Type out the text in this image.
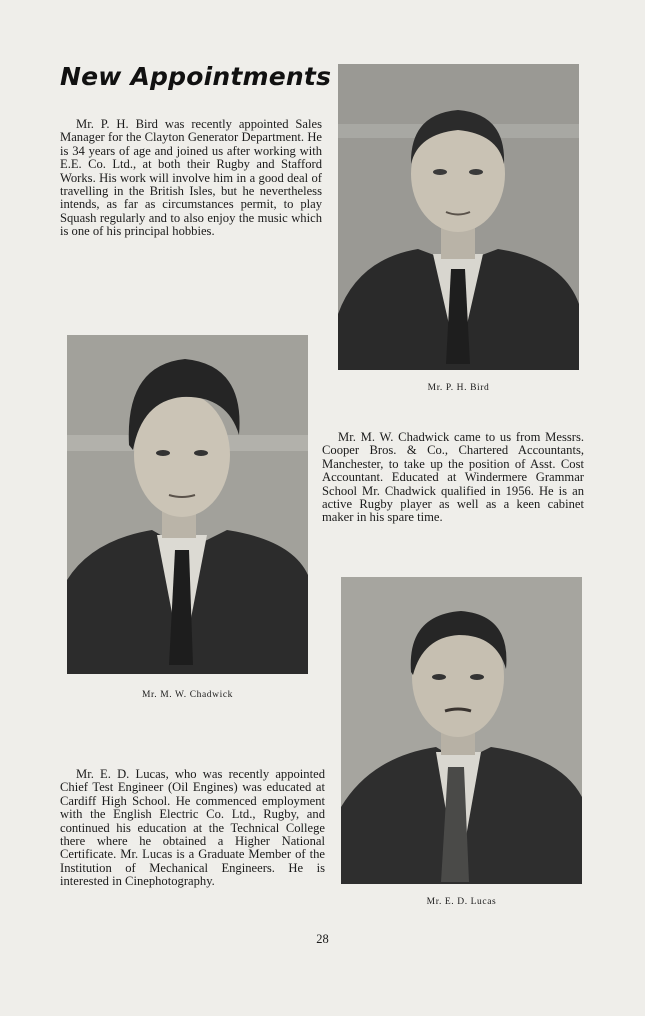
New Appointments

Mr. P. H. Bird was recently appointed Sales Manager for the Clayton Generator Department. He is 34 years of age and joined us after working with E.E. Co. Ltd., at both their Rugby and Stafford Works. His work will involve him in a good deal of travelling in the British Isles, but he nevertheless intends, as far as circumstances permit, to play Squash regularly and to also enjoy the music which is one of his principal hobbies.

Mr. P. H. Bird
Mr. M. W. Chadwick

Mr. M. W. Chadwick came to us from Messrs. Cooper Bros. & Co., Chartered Accountants, Manchester, to take up the position of Asst. Cost Accountant. Educated at Windermere Grammar School Mr. Chadwick qualified in 1956. He is an active Rugby player as well as a keen cabinet maker in his spare time.

Mr. E. D. Lucas

Mr. E. D. Lucas, who was recently appointed Chief Test Engineer (Oil Engines) was educated at Cardiff High School. He commenced employment with the English Electric Co. Ltd., Rugby, and continued his education at the Technical College there where he obtained a Higher National Certificate. Mr. Lucas is a Graduate Member of the Institution of Mechanical Engineers. He is interested in Cinephotography.

28
